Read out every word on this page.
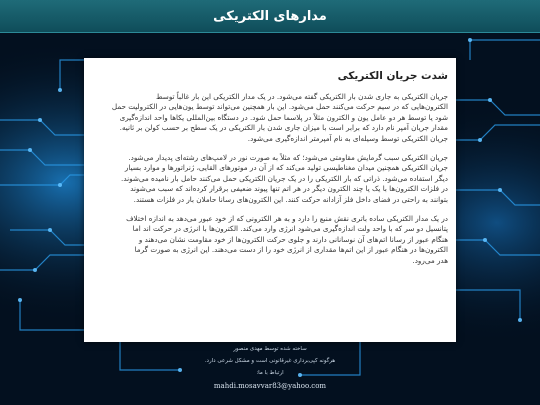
مدارهای الکتریکی
شدت جریان الکتریکی
جریان الکتریکی به جاری شدن بار الکتریکی گفته می‌شود. در یک مدار الکتریکی این بار غالباً توسط
الکترون‌هایی که در سیم حرکت می‌کنند حمل می‌شود. این بار همچنین می‌تواند توسط یون‌هایی در الکترولیت حمل
شود یا توسط هر دو عامل یون و الکترون مثلاً در پلاسما حمل شود. در دستگاه بین‌المللی یکاها واحد اندازه‌گیری
مقدار جریان آمپر نام دارد که برابر است با میزان جاری شدن بار الکتریکی در یک سطح بر حسب کولن بر ثانیه.
جریان الکتریکی توسط وسیله‌ای به نام آمپرمتر اندازه‌گیری می‌شود.
جریان الکتریکی سبب گرمایش مقاومتی می‌شود؛ که مثلاً به صورت نور در لامپ‌های رشته‌ای پدیدار می‌شود.
جریان الکتریکی همچنین میدان مغناطیسی تولید می‌کند که از آن در موتورهای القایی، ژنراتورها و موارد بسیار
دیگر استفاده می‌شود. ذراتی که بار الکتریکی را در یک جریان الکتریکی حمل می‌کنند حامل بار نامیده می‌شوند.
در فلزات الکترون‌ها با یک یا چند الکترون دیگر در هر اتم تنها پیوند ضعیفی برقرار کرده‌اند که سبب می‌شوند
بتوانند به راحتی در فضای داخل فلز آزادانه حرکت کنند. این الکترون‌های رسانا حاملان بار در فلزات هستند.
در یک مدار الکتریکی ساده باتری نقش منبع را دارد و به هر الکترونی که از خود عبور می‌دهد به اندازه اختلاف
پتانسیل دو سر که با واحد ولت اندازه‌گیری می‌شود انرژی وارد می‌کند. الکترون‌ها با انرژی در حرکت اند اما
هنگام عبور از رسانا اتم‌های آن نوسانانی دارند و جلوی حرکت الکترون‌ها از خود مقاومت نشان می‌دهند و
الکترون‌ها در هنگام عبور از این اتم‌ها مقداری از انرژی خود را از دست می‌دهند. این انرژی به صورت گرما
هدر می‌رود.
ساخته شده توسط مهدی منصور
هرگونه کپی‌برداری غیرقانونی است و مشکل شرعی دارد.
ارتباط با ما:
mahdi.mosavvar83@yahoo.com
